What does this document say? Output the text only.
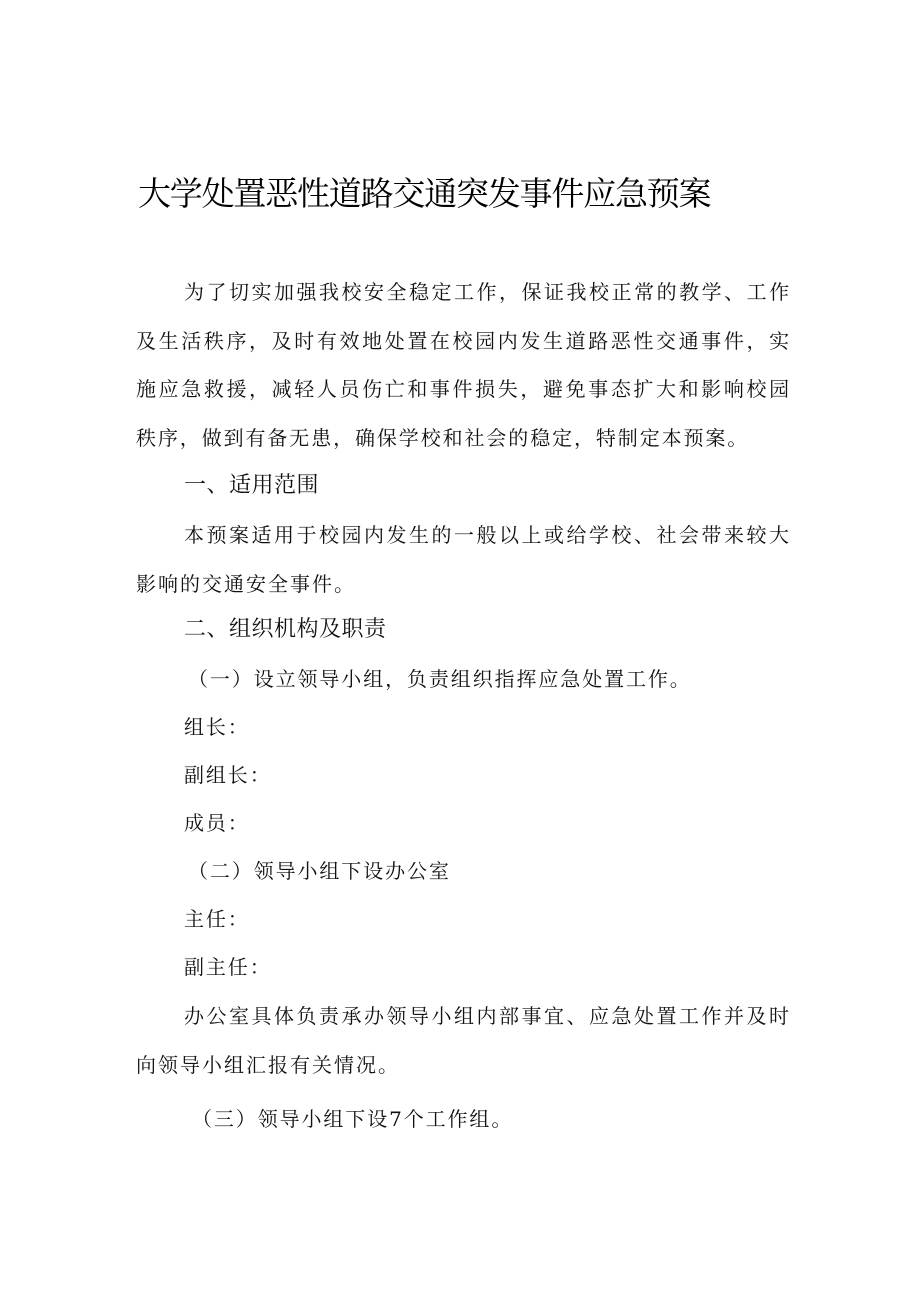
大学处置恶性道路交通突发事件应急预案

为了切实加强我校安全稳定工作，保证我校正常的教学、工作及生活秩序，及时有效地处置在校园内发生道路恶性交通事件，实施应急救援，减轻人员伤亡和事件损失，避免事态扩大和影响校园秩序，做到有备无患，确保学校和社会的稳定，特制定本预案。

一、适用范围

本预案适用于校园内发生的一般以上或给学校、社会带来较大影响的交通安全事件。

二、组织机构及职责

（一）设立领导小组，负责组织指挥应急处置工作。

组长：

副组长：

成员：

（二）领导小组下设办公室

主任：

副主任：

办公室具体负责承办领导小组内部事宜、应急处置工作并及时向领导小组汇报有关情况。

（三）领导小组下设7个工作组。
